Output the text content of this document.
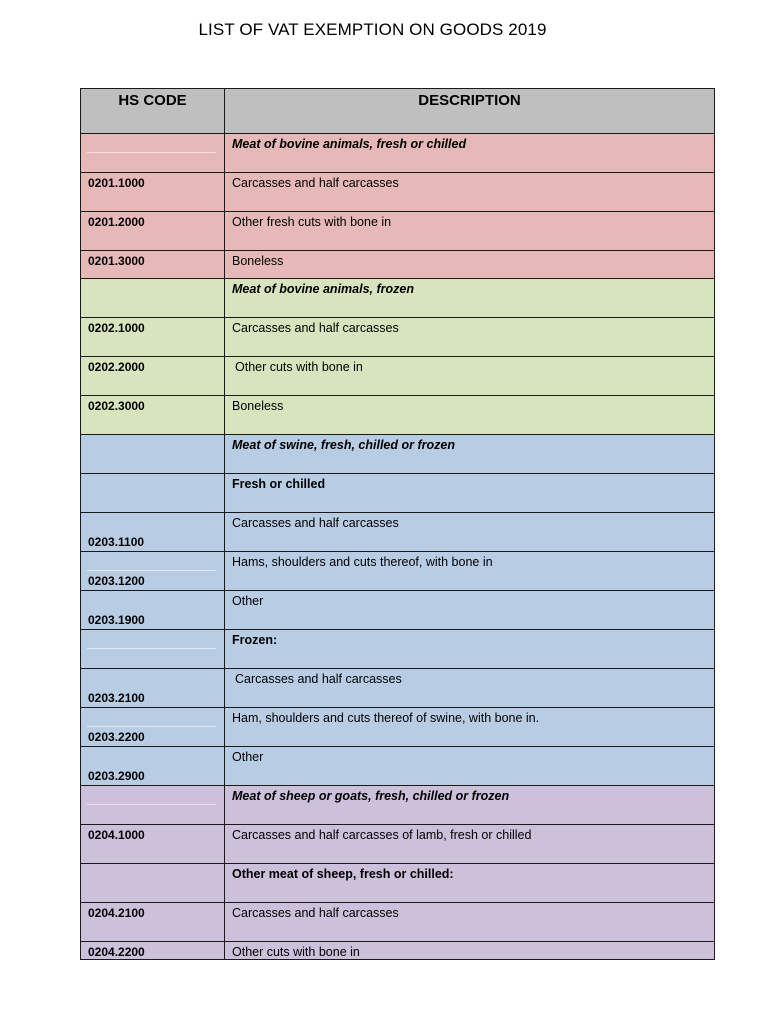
LIST OF VAT EXEMPTION ON GOODS 2019
HS CODE	DESCRIPTION

	Meat of bovine animals, fresh or chilled

0201.1000	Carcasses and half carcasses

0201.2000	Other fresh cuts with bone in

0201.3000	Boneless

	Meat of bovine animals, frozen

0202.1000	Carcasses and half carcasses

0202.2000	Other cuts with bone in

0202.3000	Boneless

	Meat of swine, fresh, chilled or frozen

	Fresh or chilled

0203.1100	Carcasses and half carcasses

0203.1200	Hams, shoulders and cuts thereof, with bone in

0203.1900	Other

	Frozen:

0203.2100	Carcasses and half carcasses

0203.2200	Ham, shoulders and cuts thereof of swine, with bone in.

0203.2900	Other

	Meat of sheep or goats, fresh, chilled or frozen

0204.1000	Carcasses and half carcasses of lamb, fresh or chilled

	Other meat of sheep, fresh or chilled:

0204.2100	Carcasses and half carcasses

0204.2200	Other cuts with bone in
